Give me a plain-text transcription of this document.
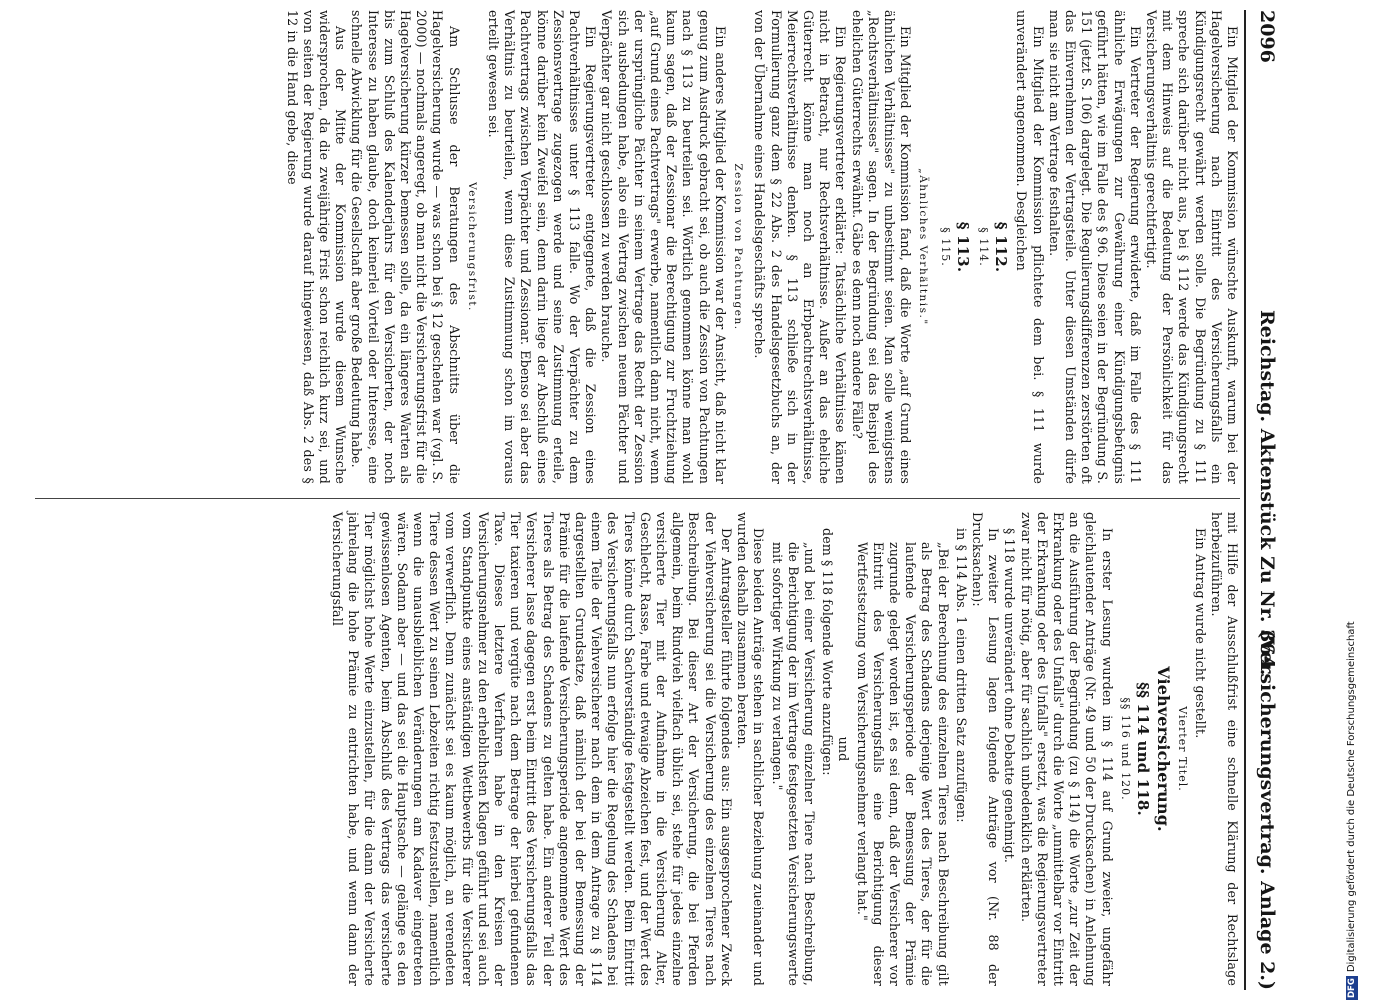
2096
Reichstag. Aktenstück Zu Nr. 364.
(Versicherungsvertrag. Anlage 2.)

Ein Mitglied der Kommission wünschte Auskunft, warum bei der Hagelversicherung nach Eintritt des Versicherungsfalls ein Kündigungsrecht gewährt werden solle. Die Begründung zu § 111 spreche sich darüber nicht aus, bei § 112 werde das Kündigungsrecht mit dem Hinweis auf die Bedeutung der Persönlichkeit für das Versicherungsverhältnis gerechtfertigt.

Ein Vertreter der Regierung erwiderte, daß im Falle des § 111 ähnliche Erwägungen zur Gewährung einer Kündigungsbefugnis geführt hätten, wie im Falle des § 96. Diese seien in der Begründung S. 151 (jetzt S. 106) dargelegt. Die Regulierungsdifferenzen zerstörten oft das Einvernehmen der Vertragsteile. Unter diesen Umständen dürfe man sie nicht am Vertrage festhalten.

Ein Mitglied der Kommission pflichtete dem bei. § 111 wurde unverändert angenommen. Desgleichen

§ 112.
§ 114.
§ 113.
§ 115.
„Ähnliches Verhältnis."

Ein Mitglied der Kommission fand, daß die Worte „auf Grund eines ähnlichen Verhältnisses" zu unbestimmt seien. Man solle wenigstens „Rechtsverhältnisses" sagen. In der Begründung sei das Beispiel des ehelichen Güterrechts erwähnt. Gäbe es denn noch andere Fälle?

Ein Regierungsvertreter erklärte: Tatsächliche Verhältnisse kämen nicht in Betracht, nur Rechtsverhältnisse. Außer an das eheliche Güterrecht könne man noch an Erbpachtrechtsverhältnisse, Meierrechtsverhältnisse denken. § 113 schließe sich in der Formulierung ganz dem § 22 Abs. 2 des Handelsgesetzbuchs an, der von der Übernahme eines Handelsgeschäfts spreche.

Zession von Pachtungen.

Ein anderes Mitglied der Kommission war der Ansicht, daß nicht klar genug zum Ausdruck gebracht sei, ob auch die Zession von Pachtungen nach § 113 zu beurteilen sei. Wörtlich genommen könne man wohl kaum sagen, daß der Zessionar die Berechtigung zur Fruchtziehung „auf Grund eines Pachtvertrags" erwerbe, namentlich dann nicht, wenn der ursprüngliche Pächter in seinem Vertrage das Recht der Zession sich ausbedungen habe, also ein Vertrag zwischen neuem Pächter und Verpächter gar nicht geschlossen zu werden brauche.

Ein Regierungsvertreter entgegnete, daß die Zession eines Pachtverhältnisses unter § 113 falle. Wo der Verpächter zu dem Zessionsvertrage zugezogen werde und seine Zustimmung erteile, könne darüber kein Zweifel sein, denn darin liege der Abschluß eines Pachtvertrags zwischen Verpächter und Zessionar. Ebenso sei aber das Verhältnis zu beurteilen, wenn diese Zustimmung schon im voraus erteilt gewesen sei.

Versicherungsfrist.

Am Schlusse der Beratungen des Abschnitts über die Hagelversicherung wurde — was schon bei § 12 geschehen war (vgl. S. 2000) — nochmals angeregt, ob man nicht die Versicherungsfrist für die Hagelversicherung kürzer bemessen solle, da ein längeres Warten als bis zum Schluß des Kalenderjahrs für den Versicherten, der noch Interesse zu haben glaube, doch keinerlei Vorteil oder Interesse, eine schnelle Abwicklung für die Gesellschaft aber große Bedeutung habe.

Aus der Mitte der Kommission wurde diesem Wunsche widersprochen, da die zweijährige Frist schon reichlich kurz sei, und von seiten der Regierung wurde darauf hingewiesen, daß Abs. 2 des § 12 in die Hand gebe, diese

mit Hilfe der Ausschlußfrist eine schnelle Klärung der Rechtslage herbeizuführen.

Ein Antrag wurde nicht gestellt.

Vierter Titel.
Viehversicherung.
§§ 114 und 118.
§§ 116 und 120.

In erster Lesung wurden im § 114 auf Grund zweier, ungefähr gleichlautender Anträge (Nr. 49 und 50 der Drucksachen) in Anlehnung an die Ausführung der Begründung (zu § 114) die Worte „zur Zeit der Erkrankung oder des Unfalls" durch die Worte „unmittelbar vor Eintritt der Erkrankung oder des Unfalls" ersetzt, was die Regierungsvertreter zwar nicht für nötig, aber für sachlich unbedenklich erklärten.

§ 118 wurde unverändert ohne Debatte genehmigt.

In zweiter Lesung lagen folgende Anträge vor (Nr. 88 der Drucksachen):

in § 114 Abs. 1 einen dritten Satz anzufügen:

„Bei der Berechnung des einzelnen Tieres nach Beschreibung gilt als Betrag des Schadens derjenige Wert des Tieres, der für die laufende Versicherungsperiode der Bemessung der Prämie zugrunde gelegt worden ist, es sei denn, daß der Versicherer vor Eintritt des Versicherungsfalls eine Berichtigung dieser Wertfestsetzung vom Versicherungsnehmer verlangt hat."
und

dem § 118 folgende Worte anzufügen:

„und bei einer Versicherung einzelner Tiere nach Beschreibung, die Berichtigung der im Vertrage festgesetzten Versicherungswerte mit sofortiger Wirkung zu verlangen."

Diese beiden Anträge stehen in sachlicher Beziehung zueinander und wurden deshalb zusammen beraten.

Der Antragsteller führte folgendes aus: Ein ausgesprochener Zweck der Viehversicherung sei die Versicherung des einzelnen Tieres nach Beschreibung. Bei dieser Art der Versicherung, die bei Pferden allgemein, beim Rindvieh vielfach üblich sei, stehe für jedes einzelne versicherte Tier mit der Aufnahme in die Versicherung Alter, Geschlecht, Rasse, Farbe und etwaige Abzeichen fest, und der Wert des Tieres könne durch Sachverständige festgestellt werden. Beim Eintritt des Versicherungsfalls nun erfolge hier die Regelung des Schadens bei einem Teile der Viehversicherer nach dem in dem Antrage zu § 114 dargestellten Grundsatze, daß nämlich der bei der Bemessung der Prämie für die laufende Versicherungsperiode angenommene Wert des Tieres als Betrag des Schadens zu gelten habe. Ein anderer Teil der Versicherer lasse dagegen erst beim Eintritt des Versicherungsfalls das Tier taxieren und vergüte nach dem Betrage der hierbei gefundenen Taxe. Dieses letztere Verfahren habe in den Kreisen der Versicherungsnehmer zu den erheblichsten Klagen geführt und sei auch vom Standpunkte eines anständigen Wettbewerbs für die Versicherer vom verwerflich. Denn zunächst sei es kaum möglich, an verendeten Tiere dessen Wert zu seinen Lebzeiten richtig festzustellen, namentlich wenn die unausbleiblichen Veränderungen am Kadaver eingetreten wären. Sodann aber — und das sei die Hauptsache — gelänge es den gewissenlosen Agenten, beim Abschluß des Vertrags das versicherte Tier möglichst hohe Werte einzustellen, für die dann der Versicherte jahrelang die hohe Prämie zu entrichten habe, und wenn dann der Versicherungsfall

DFGDigitalisierung gefördert durch die Deutsche Forschungsgemeinschaft
